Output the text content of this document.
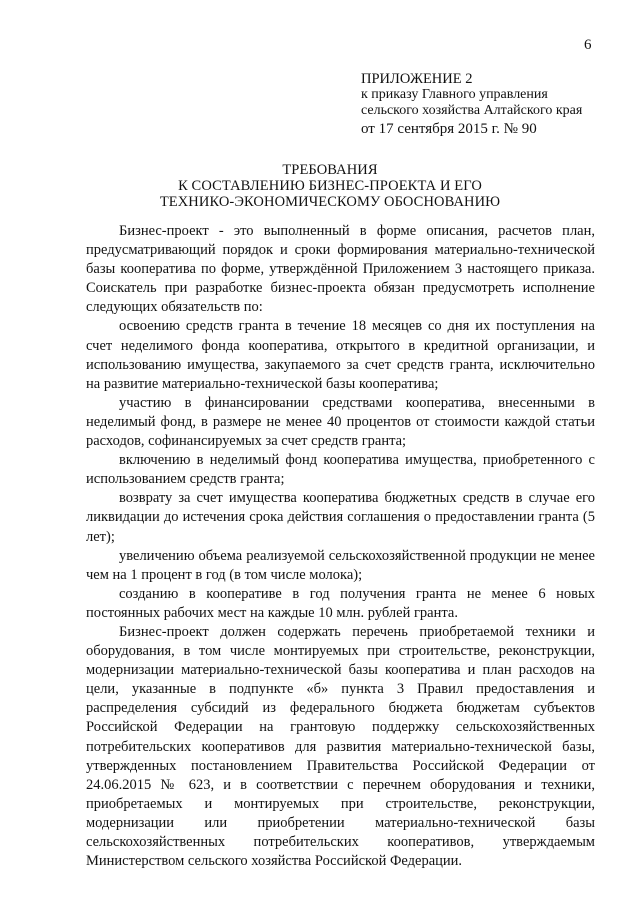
6
ПРИЛОЖЕНИЕ 2
к приказу Главного управления
сельского хозяйства Алтайского края
от 17 сентября 2015 г. № 90
ТРЕБОВАНИЯ
К СОСТАВЛЕНИЮ БИЗНЕС-ПРОЕКТА И ЕГО
ТЕХНИКО-ЭКОНОМИЧЕСКОМУ ОБОСНОВАНИЮ

Бизнес-проект - это выполненный в форме описания, расчетов план, предусматривающий порядок и сроки формирования материально-технической базы кооператива по форме, утверждённой Приложением 3 настоящего приказа. Соискатель при разработке бизнес-проекта обязан предусмотреть исполнение следующих обязательств по:

освоению средств гранта в течение 18 месяцев со дня их поступления на счет неделимого фонда кооператива, открытого в кредитной организации, и использованию имущества, закупаемого за счет средств гранта, исключительно на развитие материально-технической базы кооператива;

участию в финансировании средствами кооператива, внесенными в неделимый фонд, в размере не менее 40 процентов от стоимости каждой статьи расходов, софинансируемых за счет средств гранта;

включению в неделимый фонд кооператива имущества, приобретенного с использованием средств гранта;

возврату за счет имущества кооператива бюджетных средств в случае его ликвидации до истечения срока действия соглашения о предоставлении гранта (5 лет);

увеличению объема реализуемой сельскохозяйственной продукции не менее чем на 1 процент в год (в том числе молока);

созданию в кооперативе в год получения гранта не менее 6 новых постоянных рабочих мест на каждые 10 млн. рублей гранта.

Бизнес-проект должен содержать перечень приобретаемой техники и оборудования, в том числе монтируемых при строительстве, реконструкции, модернизации материально-технической базы кооператива и план расходов на цели, указанные в подпункте «б» пункта 3 Правил предоставления и распределения субсидий из федерального бюджета бюджетам субъектов Российской Федерации на грантовую поддержку сельскохозяйственных потребительских кооперативов для развития материально-технической базы, утвержденных постановлением Правительства Российской Федерации от 24.06.2015 № 623, и в соответствии с перечнем оборудования и техники, приобретаемых и монтируемых при строительстве, реконструкции, модернизации или приобретении материально-технической базы сельскохозяйственных потребительских кооперативов, утверждаемым Министерством сельского хозяйства Российской Федерации.
